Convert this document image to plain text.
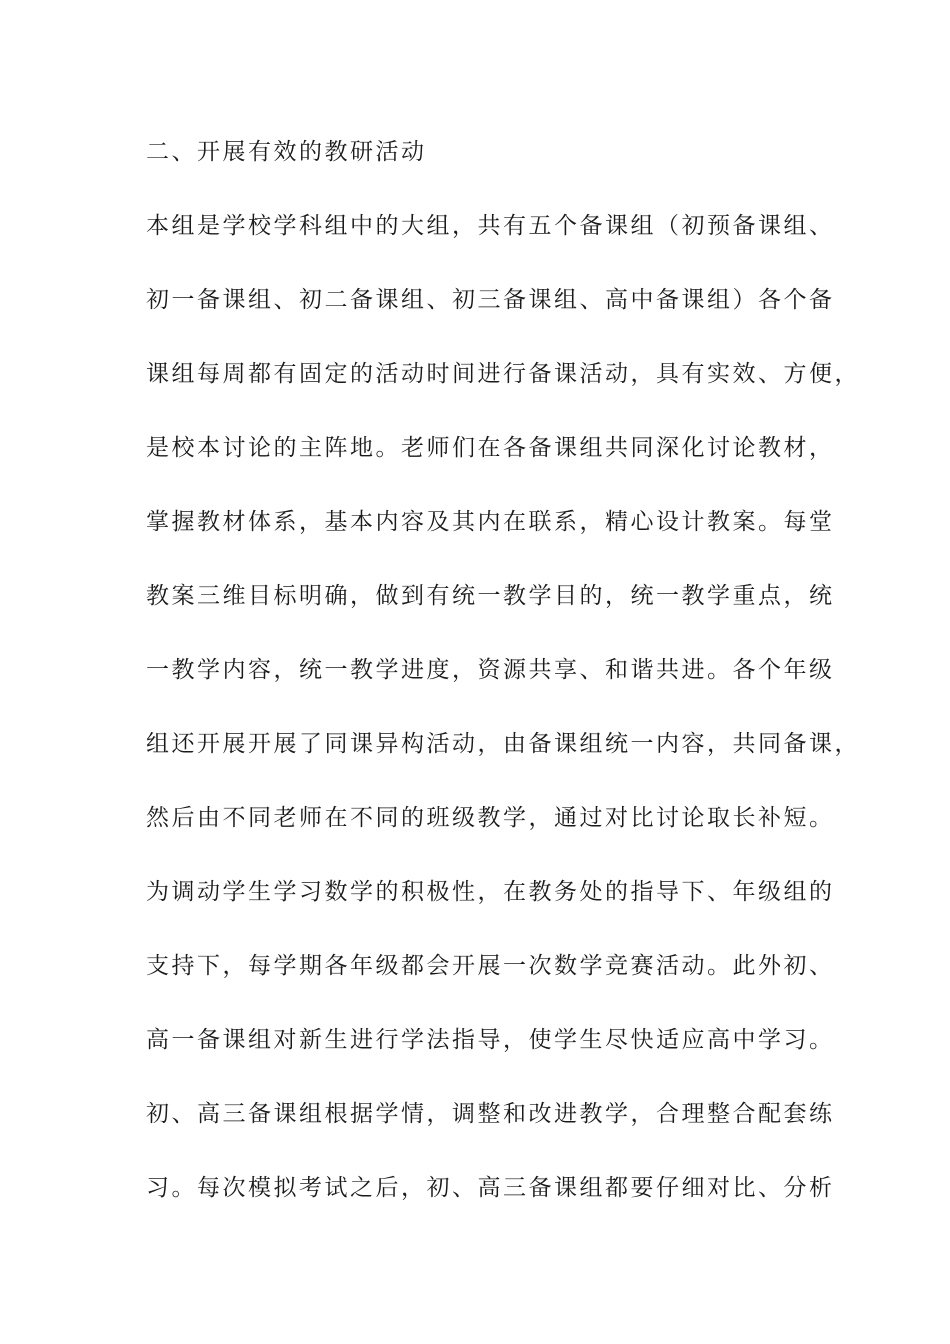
二、开展有效的教研活动
本组是学校学科组中的大组，共有五个备课组（初预备课组、
初一备课组、初二备课组、初三备课组、高中备课组）各个备
课组每周都有固定的活动时间进行备课活动，具有实效、方便，
是校本讨论的主阵地。老师们在各备课组共同深化讨论教材，
掌握教材体系，基本内容及其内在联系，精心设计教案。每堂
教案三维目标明确，做到有统一教学目的，统一教学重点，统
一教学内容，统一教学进度，资源共享、和谐共进。各个年级
组还开展开展了同课异构活动，由备课组统一内容，共同备课，
然后由不同老师在不同的班级教学，通过对比讨论取长补短。
为调动学生学习数学的积极性，在教务处的指导下、年级组的
支持下，每学期各年级都会开展一次数学竞赛活动。此外初、
高一备课组对新生进行学法指导，使学生尽快适应高中学习。
初、高三备课组根据学情，调整和改进教学，合理整合配套练
习。每次模拟考试之后，初、高三备课组都要仔细对比、分析
